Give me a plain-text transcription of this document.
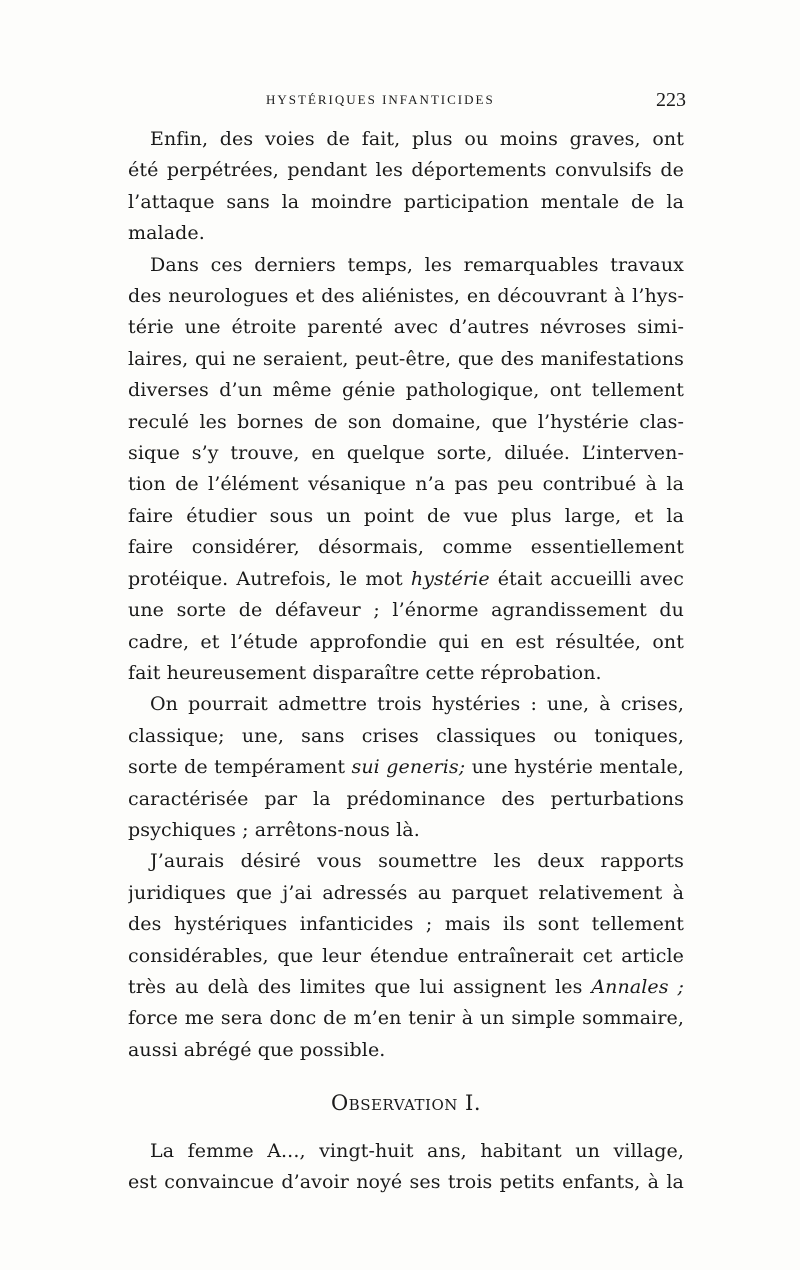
HYSTÉRIQUES INFANTICIDES	223
Enfin, des voies de fait, plus ou moins graves, ont
été perpétrées, pendant les déportements convulsifs de
l’attaque sans la moindre participation mentale de la
malade.
Dans ces derniers temps, les remarquables travaux
des neurologues et des aliénistes, en découvrant à l’hys-
térie une étroite parenté avec d’autres névroses simi-
laires, qui ne seraient, peut-être, que des manifestations
diverses d’un même génie pathologique, ont tellement
reculé les bornes de son domaine, que l’hystérie clas-
sique s’y trouve, en quelque sorte, diluée. L’interven-
tion de l’élément vésanique n’a pas peu contribué à la
faire étudier sous un point de vue plus large, et la
faire considérer, désormais, comme essentiellement
protéique. Autrefois, le mot hystérie était accueilli avec
une sorte de défaveur ; l’énorme agrandissement du
cadre, et l’étude approfondie qui en est résultée, ont
fait heureusement disparaître cette réprobation.
On pourrait admettre trois hystéries : une, à crises,
classique; une, sans crises classiques ou toniques,
sorte de tempérament sui generis; une hystérie mentale,
caractérisée par la prédominance des perturbations
psychiques ; arrêtons-nous là.
J’aurais désiré vous soumettre les deux rapports
juridiques que j’ai adressés au parquet relativement à
des hystériques infanticides ; mais ils sont tellement
considérables, que leur étendue entraînerait cet article
très au delà des limites que lui assignent les Annales ;
force me sera donc de m’en tenir à un simple sommaire,
aussi abrégé que possible.
Observation I.
La femme A..., vingt-huit ans, habitant un village,
est convaincue d’avoir noyé ses trois petits enfants, à la
